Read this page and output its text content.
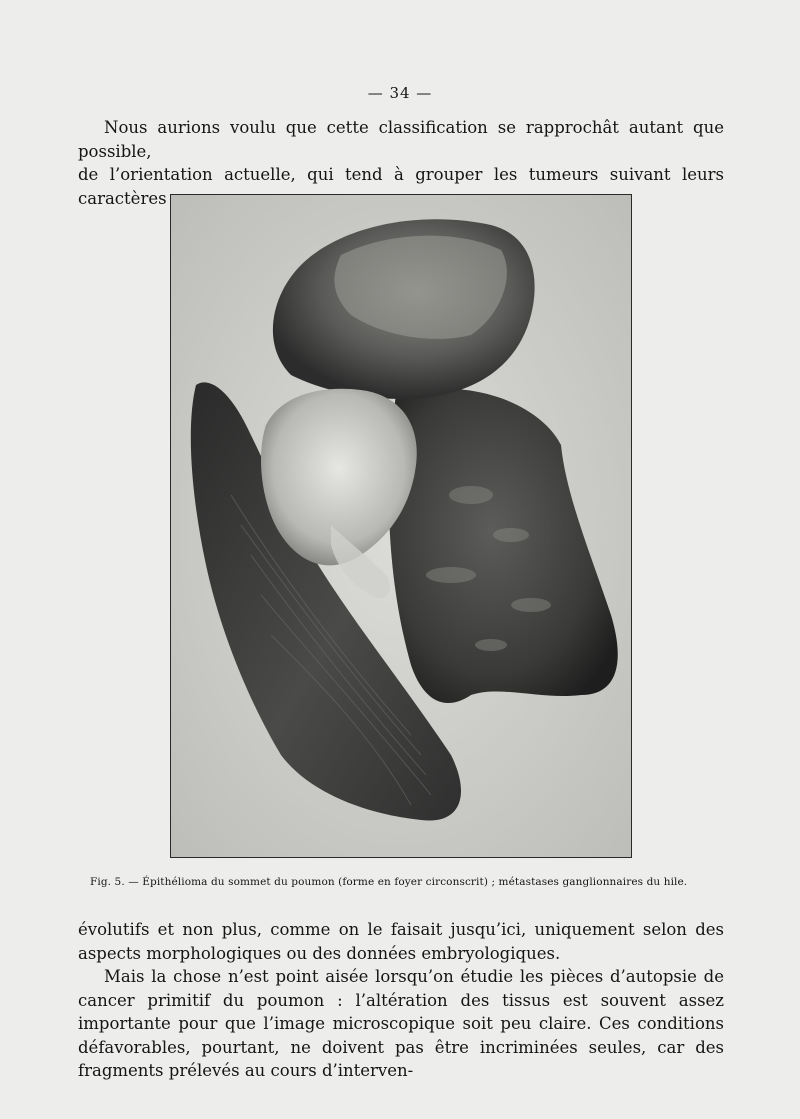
— 34 —

Nous aurions voulu que cette classification se rapprochât autant que possible,

de l’orientation actuelle, qui tend à grouper les tumeurs suivant leurs caractères

Fig. 5. — Épithélioma du sommet du poumon (forme en foyer circonscrit) ; métastases ganglionnaires du hile.

évolutifs et non plus, comme on le faisait jusqu’ici, uniquement selon des aspects morphologiques ou des données embryologiques.

Mais la chose n’est point aisée lorsqu’on étudie les pièces d’autopsie de cancer primitif du poumon : l’altération des tissus est souvent assez importante pour que l’image microscopique soit peu claire. Ces conditions défavorables, pourtant, ne doivent pas être incriminées seules, car des fragments prélevés au cours d’interven-
